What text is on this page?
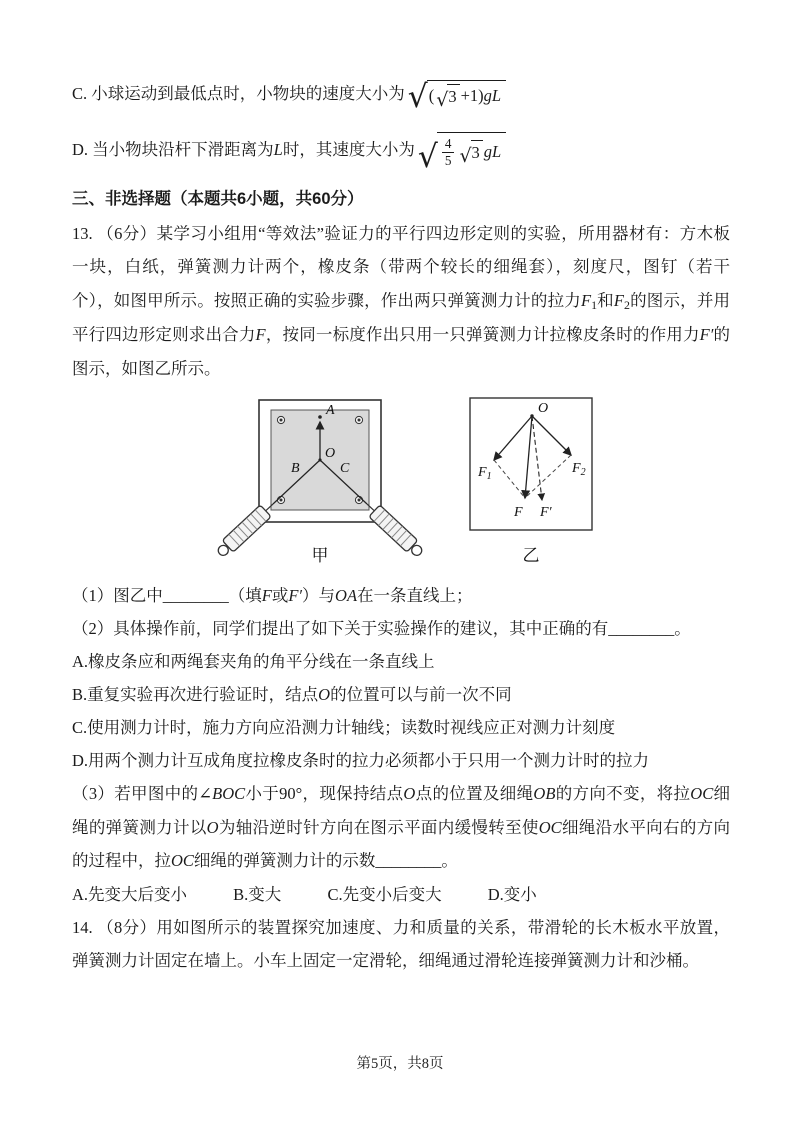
C. 小球运动到最低点时，小物块的速度大小为 √ ( √ 3 +1) gL

D. 当小物块沿杆下滑距离为L时，其速度大小为 √ $\frac{4}{5}$ √ 3 gL

三、非选择题（本题共6小题，共60分）

13. （6分）某学习小组用“等效法”验证力的平行四边形定则的实验，所用器材有：方木板一块，白纸，弹簧测力计两个，橡皮条（带两个较长的细绳套），刻度尺，图钉（若干个），如图甲所示。按照正确的实验步骤，作出两只弹簧测力计的拉力F1和F2的图示，并用平行四边形定则求出合力F，按同一标度作出只用一只弹簧测力计拉橡皮条时的作用力F′的图示，如图乙所示。

A
O
B	C
甲
O
$F_1$
$F_2$
F F′
乙

（1）图乙中________（填F或F′）与OA在一条直线上；

（2）具体操作前，同学们提出了如下关于实验操作的建议，其中正确的有________。

A.橡皮条应和两绳套夹角的角平分线在一条直线上

B.重复实验再次进行验证时，结点O的位置可以与前一次不同

C.使用测力计时，施力方向应沿测力计轴线；读数时视线应正对测力计刻度

D.用两个测力计互成角度拉橡皮条时的拉力必须都小于只用一个测力计时的拉力

（3）若甲图中的∠BOC小于90°，现保持结点O点的位置及细绳OB的方向不变，将拉OC细绳的弹簧测力计以O为轴沿逆时针方向在图示平面内缓慢转至使OC细绳沿水平向右的方向的过程中，拉OC细绳的弹簧测力计的示数________。

A.先变大后变小	B.变大	C.先变小后变大	D.变小

14. （8分）用如图所示的装置探究加速度、力和质量的关系，带滑轮的长木板水平放置，弹簧测力计固定在墙上。小车上固定一定滑轮，细绳通过滑轮连接弹簧测力计和沙桶。

第5页，共8页
